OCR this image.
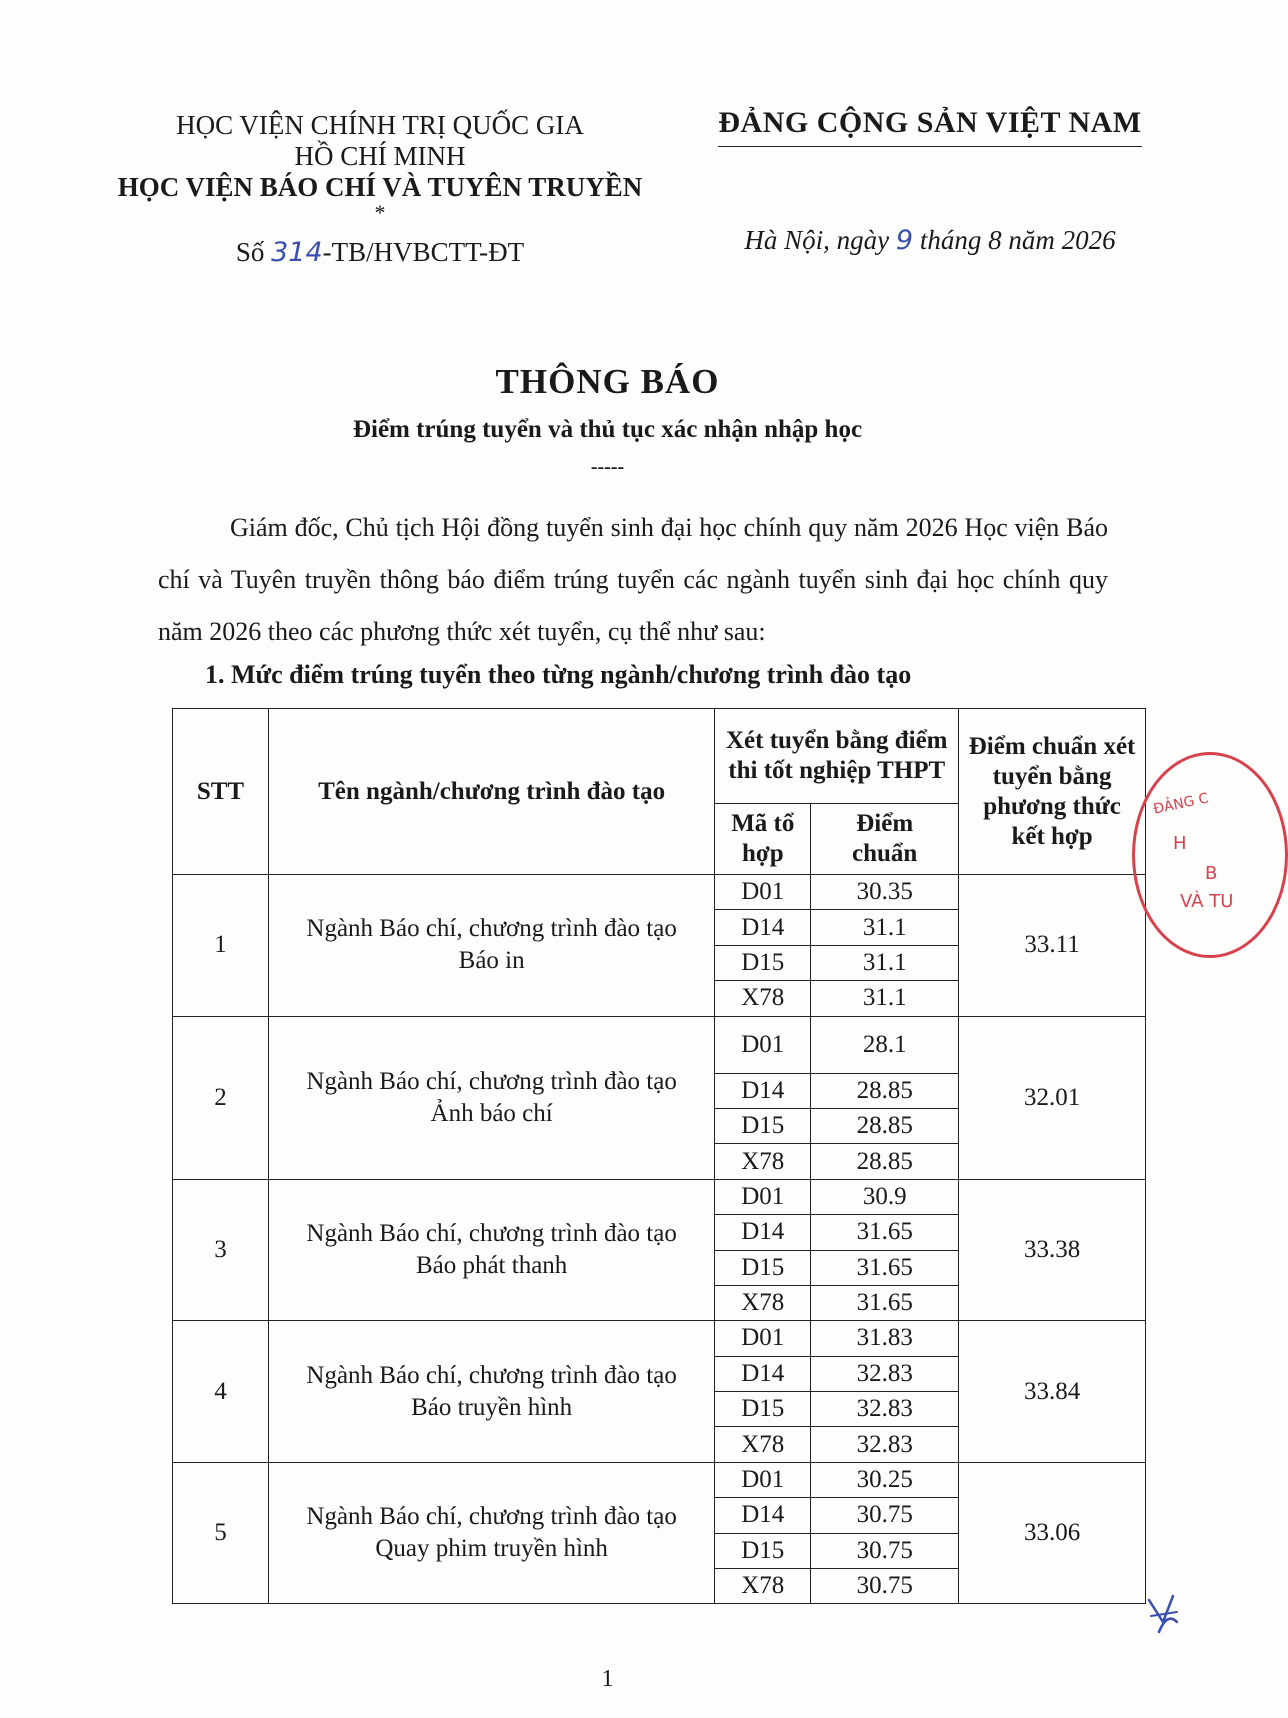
HỌC VIỆN CHÍNH TRỊ QUỐC GIA
HỒ CHÍ MINH
HỌC VIỆN BÁO CHÍ VÀ TUYÊN TRUYỀN
*
Số 314-TB/HVBCTT-ĐT
ĐẢNG CỘNG SẢN VIỆT NAM
Hà Nội, ngày 9 tháng 8 năm 2026
THÔNG BÁO
Điểm trúng tuyển và thủ tục xác nhận nhập học
-----
Giám đốc, Chủ tịch Hội đồng tuyển sinh đại học chính quy năm 2026 Học viện Báo chí và Tuyên truyền thông báo điểm trúng tuyển các ngành tuyển sinh đại học chính quy năm 2026 theo các phương thức xét tuyển, cụ thể như sau:
1. Mức điểm trúng tuyển theo từng ngành/chương trình đào tạo
STT	Tên ngành/chương trình đào tạo	Xét tuyển bằng điểm thi tốt nghiệp THPT		Điểm chuẩn xét tuyển bằng phương thức kết hợp
		Mã tổ hợp	Điểm chuẩn	
1	Ngành Báo chí, chương trình đào tạo
Báo in	D01	30.35	33.11
		D14	31.1	
		D15	31.1	
		X78	31.1	
2	Ngành Báo chí, chương trình đào tạo
Ảnh báo chí	D01	28.1	32.01
		D14	28.85	
		D15	28.85	
		X78	28.85	
3	Ngành Báo chí, chương trình đào tạo
Báo phát thanh	D01	30.9	33.38
		D14	31.65	
		D15	31.65	
		X78	31.65	
4	Ngành Báo chí, chương trình đào tạo
Báo truyền hình	D01	31.83	33.84
		D14	32.83	
		D15	32.83	
		X78	32.83	
5	Ngành Báo chí, chương trình đào tạo
Quay phim truyền hình	D01	30.25	33.06
		D14	30.75	
		D15	30.75	
		X78	30.75	
ĐẢNG C
H
B
VÀ TU
1
